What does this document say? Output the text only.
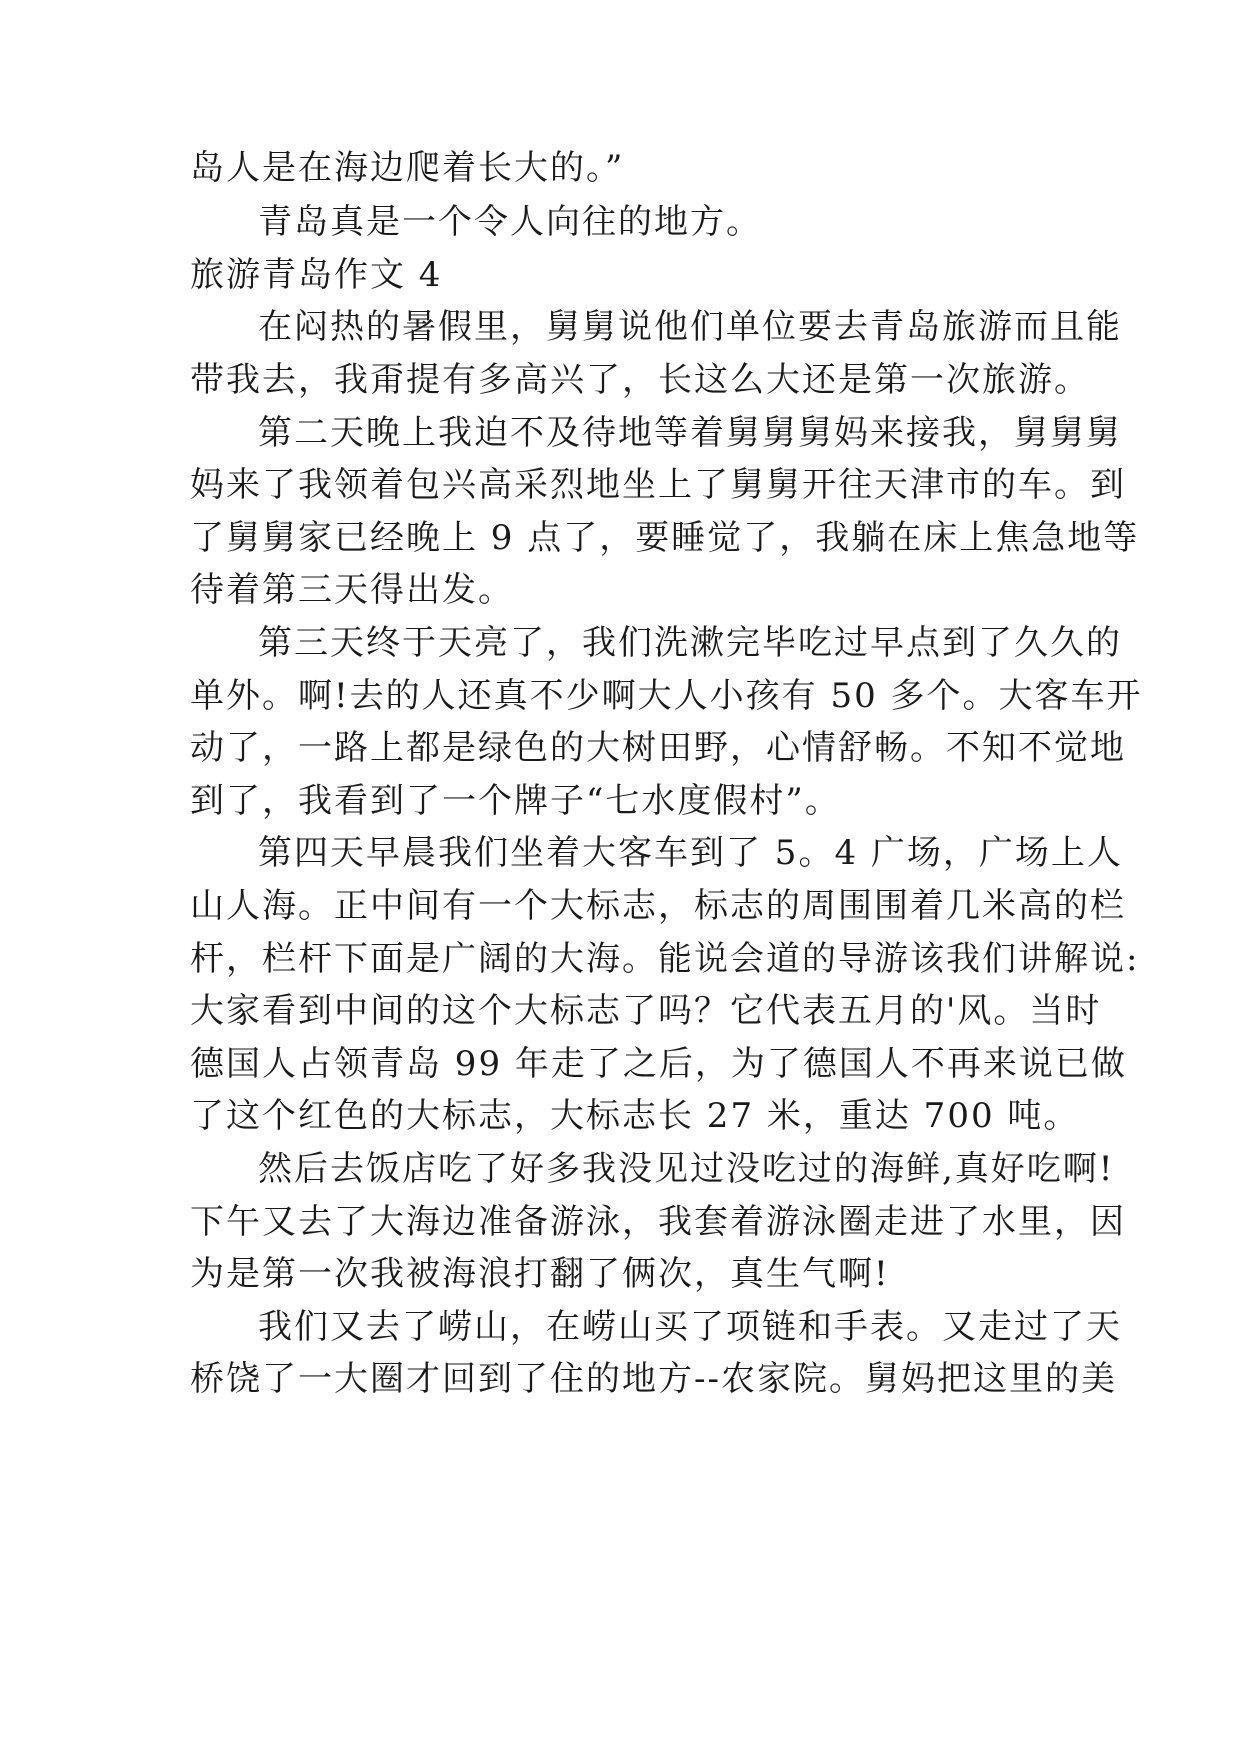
岛人是在海边爬着长大的。”

青岛真是一个令人向往的地方。

旅游青岛作文 4

在闷热的暑假里，舅舅说他们单位要去青岛旅游而且能

带我去，我甭提有多高兴了，长这么大还是第一次旅游。

第二天晚上我迫不及待地等着舅舅舅妈来接我，舅舅舅

妈来了我领着包兴高采烈地坐上了舅舅开往天津市的车。到

了舅舅家已经晚上 9 点了，要睡觉了，我躺在床上焦急地等

待着第三天得出发。

第三天终于天亮了，我们洗漱完毕吃过早点到了久久的

单外。啊!去的人还真不少啊大人小孩有 50 多个。大客车开

动了，一路上都是绿色的大树田野，心情舒畅。不知不觉地

到了，我看到了一个牌子“七水度假村”。

第四天早晨我们坐着大客车到了 5。4 广场，广场上人

山人海。正中间有一个大标志，标志的周围围着几米高的栏

杆，栏杆下面是广阔的大海。能说会道的导游该我们讲解说:

大家看到中间的这个大标志了吗？它代表五月的'风。当时

德国人占领青岛 99 年走了之后，为了德国人不再来说已做

了这个红色的大标志，大标志长 27 米，重达 700 吨。

然后去饭店吃了好多我没见过没吃过的海鲜,真好吃啊!

下午又去了大海边准备游泳，我套着游泳圈走进了水里，因

为是第一次我被海浪打翻了俩次，真生气啊!

我们又去了崂山，在崂山买了项链和手表。又走过了天

桥饶了一大圈才回到了住的地方--农家院。舅妈把这里的美
